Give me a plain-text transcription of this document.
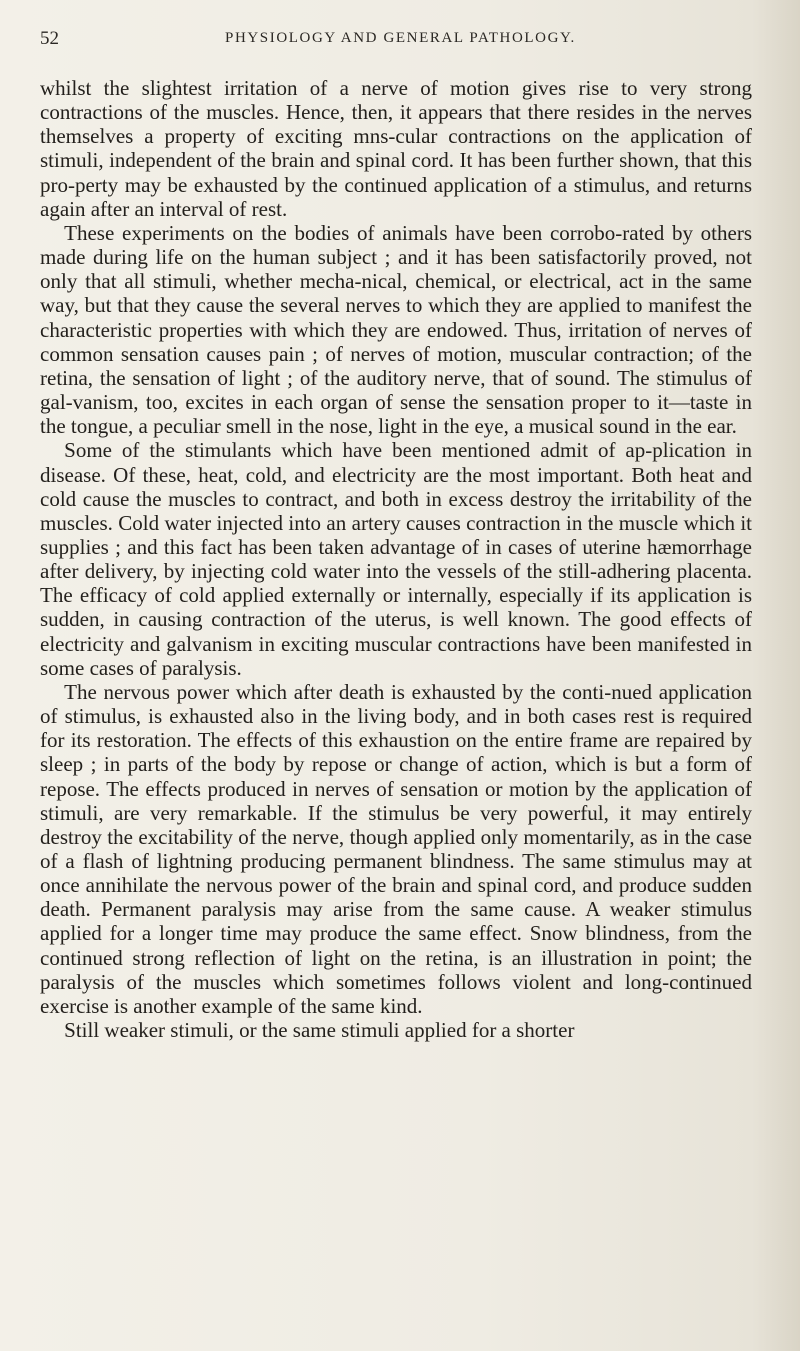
52	PHYSIOLOGY AND GENERAL PATHOLOGY.

whilst the slightest irritation of a nerve of motion gives rise to very strong contractions of the muscles. Hence, then, it appears that there resides in the nerves themselves a property of exciting mns-cular contractions on the application of stimuli, independent of the brain and spinal cord. It has been further shown, that this pro-perty may be exhausted by the continued application of a stimulus, and returns again after an interval of rest.

These experiments on the bodies of animals have been corrobo-rated by others made during life on the human subject ; and it has been satisfactorily proved, not only that all stimuli, whether mecha-nical, chemical, or electrical, act in the same way, but that they cause the several nerves to which they are applied to manifest the characteristic properties with which they are endowed. Thus, irritation of nerves of common sensation causes pain ; of nerves of motion, muscular contraction; of the retina, the sensation of light ; of the auditory nerve, that of sound. The stimulus of gal-vanism, too, excites in each organ of sense the sensation proper to it—taste in the tongue, a peculiar smell in the nose, light in the eye, a musical sound in the ear.

Some of the stimulants which have been mentioned admit of ap-plication in disease. Of these, heat, cold, and electricity are the most important. Both heat and cold cause the muscles to contract, and both in excess destroy the irritability of the muscles. Cold water injected into an artery causes contraction in the muscle which it supplies ; and this fact has been taken advantage of in cases of uterine hæmorrhage after delivery, by injecting cold water into the vessels of the still-adhering placenta. The efficacy of cold applied externally or internally, especially if its application is sudden, in causing contraction of the uterus, is well known. The good effects of electricity and galvanism in exciting muscular contractions have been manifested in some cases of paralysis.

The nervous power which after death is exhausted by the conti-nued application of stimulus, is exhausted also in the living body, and in both cases rest is required for its restoration. The effects of this exhaustion on the entire frame are repaired by sleep ; in parts of the body by repose or change of action, which is but a form of repose. The effects produced in nerves of sensation or motion by the application of stimuli, are very remarkable. If the stimulus be very powerful, it may entirely destroy the excitability of the nerve, though applied only momentarily, as in the case of a flash of lightning producing permanent blindness. The same stimulus may at once annihilate the nervous power of the brain and spinal cord, and produce sudden death. Permanent paralysis may arise from the same cause. A weaker stimulus applied for a longer time may produce the same effect. Snow blindness, from the continued strong reflection of light on the retina, is an illustration in point; the paralysis of the muscles which sometimes follows violent and long-continued exercise is another example of the same kind.

Still weaker stimuli, or the same stimuli applied for a shorter
